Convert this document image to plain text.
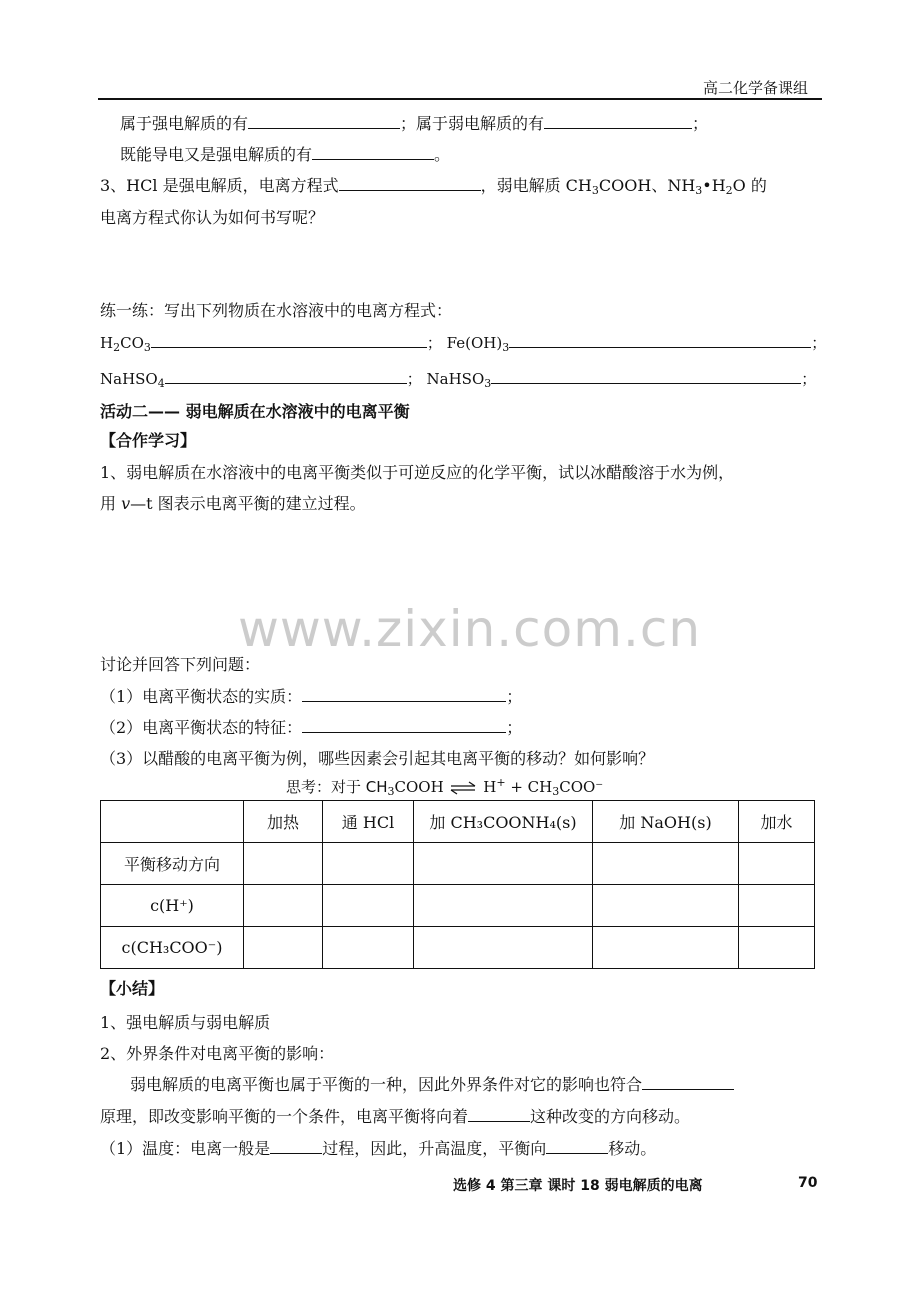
高二化学备课组
属于强电解质的有	；属于弱电解质的有	；
既能导电又是强电解质的有	。
3、HCl 是强电解质，电离方程式	，弱电解质 $CH_3COOH$、$NH_3•H_2O$ 的
电离方程式你认为如何书写呢？
练一练：写出下列物质在水溶液中的电离方程式：
$H_2CO_3$	； $Fe(OH)_3$	；
NaHSO$_4$	； NaHSO$_3$	；
活动二—— 弱电解质在水溶液中的电离平衡
【合作学习】
1、弱电解质在水溶液中的电离平衡类似于可逆反应的化学平衡，试以冰醋酸溶于水为例，
用 v—t 图表示电离平衡的建立过程。
www.zixin.com.cn
讨论并回答下列问题：
（1）电离平衡状态的实质：	；
（2）电离平衡状态的特征：	；
（3）以醋酸的电离平衡为例，哪些因素会引起其电离平衡的移动？如何影响？
思考：对于 $CH_3COOH$ ⇌ $H^+ + CH_3COO^-$
	加热	通 HCl	加 CH₃COONH₄(s)	加 NaOH(s)	加水
平衡移动方向					
c(H⁺)					
c(CH₃COO⁻)					
【小结】
1、强电解质与弱电解质
2、外界条件对电离平衡的影响：
弱电解质的电离平衡也属于平衡的一种，因此外界条件对它的影响也符合
原理，即改变影响平衡的一个条件，电离平衡将向着	这种改变的方向移动。
（1）温度：电离一般是	过程，因此，升高温度，平衡向	移动。
选修 4 第三章 课时 18 弱电解质的电离	70
